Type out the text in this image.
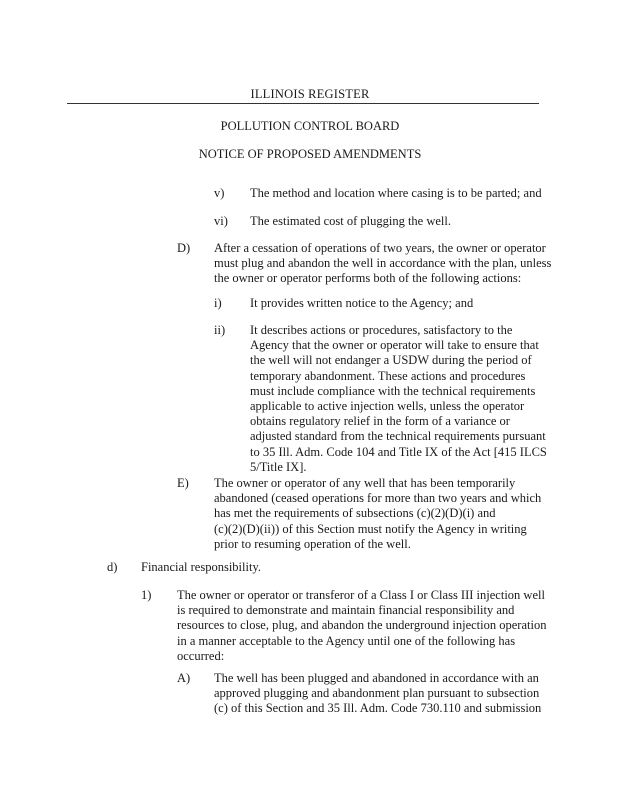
ILLINOIS REGISTER
POLLUTION CONTROL BOARD
NOTICE OF PROPOSED AMENDMENTS
v) The method and location where casing is to be parted; and
vi) The estimated cost of plugging the well.
D) After a cessation of operations of two years, the owner or operator
must plug and abandon the well in accordance with the plan, unless
the owner or operator performs both of the following actions:
i) It provides written notice to the Agency; and
ii) It describes actions or procedures, satisfactory to the
Agency that the owner or operator will take to ensure that
the well will not endanger a USDW during the period of
temporary abandonment. These actions and procedures
must include compliance with the technical requirements
applicable to active injection wells, unless the operator
obtains regulatory relief in the form of a variance or
adjusted standard from the technical requirements pursuant
to 35 Ill. Adm. Code 104 and Title IX of the Act [415 ILCS
5/Title IX].
E) The owner or operator of any well that has been temporarily
abandoned (ceased operations for more than two years and which
has met the requirements of subsections (c)(2)(D)(i) and
(c)(2)(D)(ii)) of this Section must notify the Agency in writing
prior to resuming operation of the well.
d) Financial responsibility.
1) The owner or operator or transferor of a Class I or Class III injection well
is required to demonstrate and maintain financial responsibility and
resources to close, plug, and abandon the underground injection operation
in a manner acceptable to the Agency until one of the following has
occurred:
A) The well has been plugged and abandoned in accordance with an
approved plugging and abandonment plan pursuant to subsection
(c) of this Section and 35 Ill. Adm. Code 730.110 and submission
